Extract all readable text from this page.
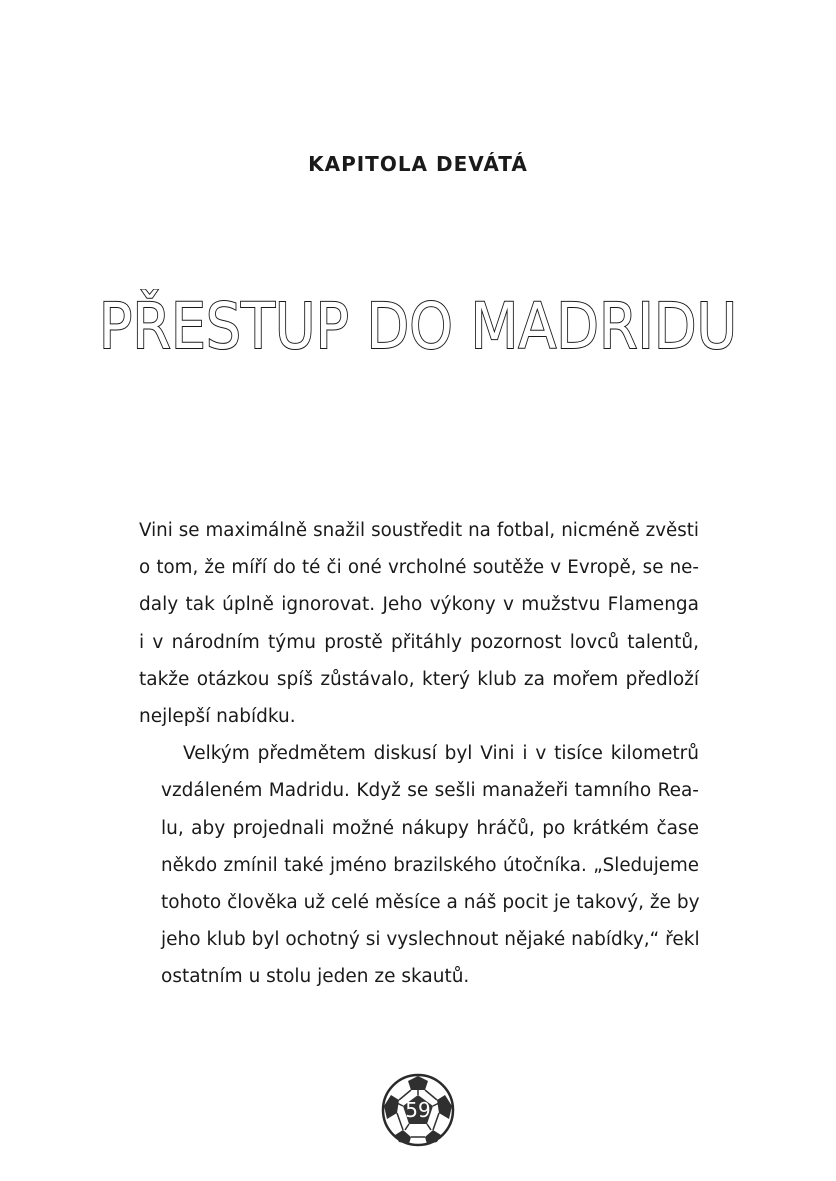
KAPITOLA DEVÁTÁ
PŘESTUP DO MADRIDU

Vini se maximálně snažil soustředit na fotbal, nicméně zvěsti
o tom, že míří do té či oné vrcholné soutěže v Evropě, se ne-
daly tak úplně ignorovat. Jeho výkony v mužstvu Flamenga
i v národním týmu prostě přitáhly pozornost lovců talentů,
takže otázkou spíš zůstávalo, který klub za mořem předloží
nejlepší nabídku.

Velkým předmětem diskusí byl Vini i v tisíce kilometrů
vzdáleném Madridu. Když se sešli manažeři tamního Rea-
lu, aby projednali možné nákupy hráčů, po krátkém čase
někdo zmínil také jméno brazilského útočníka. „Sledujeme
tohoto člověka už celé měsíce a náš pocit je takový, že by
jeho klub byl ochotný si vyslechnout nějaké nabídky,“ řekl
ostatním u stolu jeden ze skautů.

59
